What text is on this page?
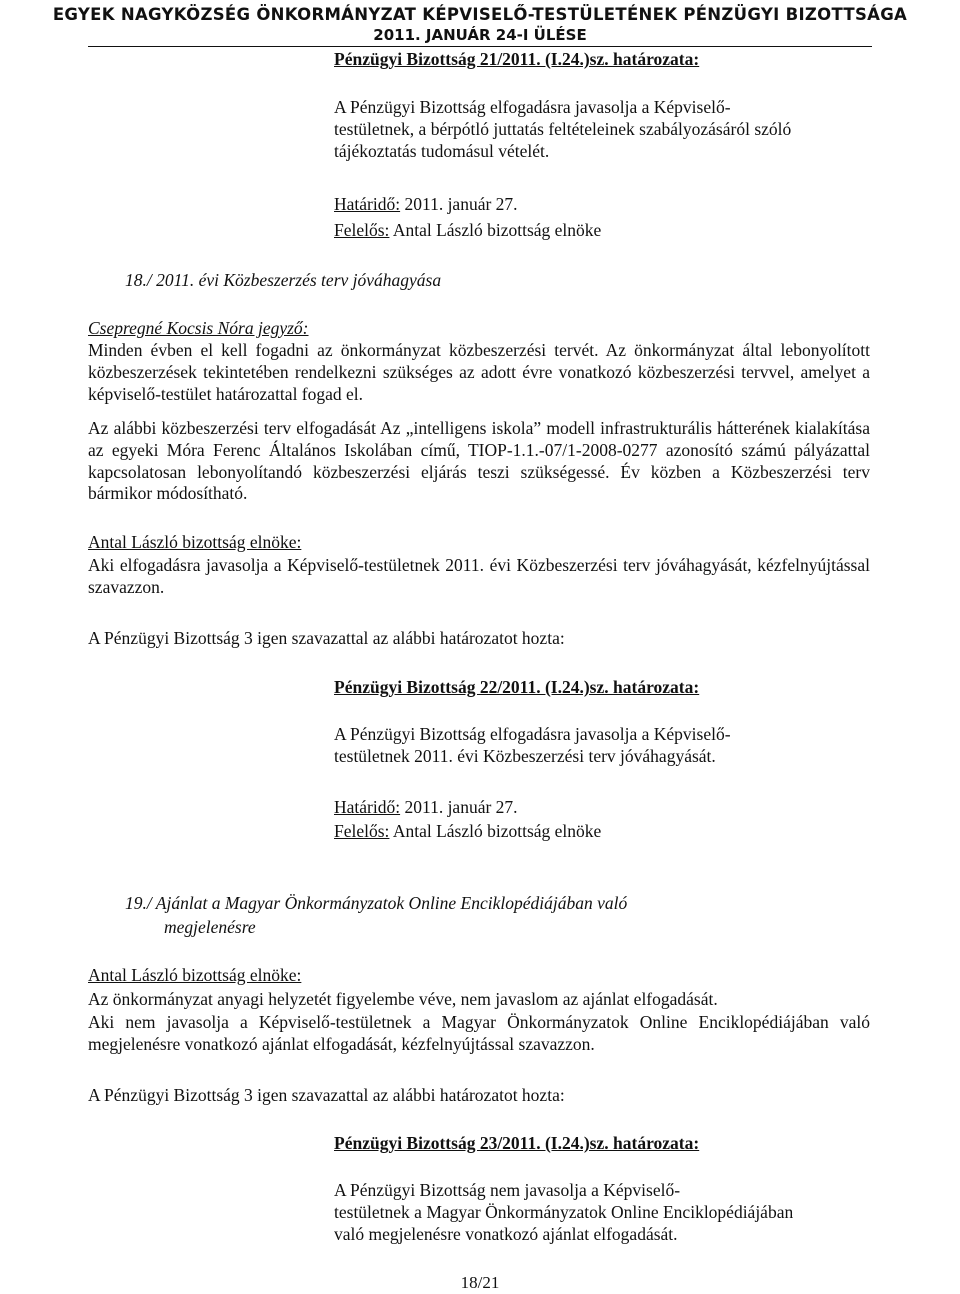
EGYEK NAGYKÖZSÉG ÖNKORMÁNYZAT KÉPVISELŐ-TESTÜLETÉNEK PÉNZÜGYI BIZOTTSÁGA
2011. JANUÁR 24-I ÜLÉSE
Pénzügyi Bizottság 21/2011. (I.24.)sz. határozata:
A Pénzügyi Bizottság elfogadásra javasolja a Képviselő-
testületnek, a bérpótló juttatás feltételeinek szabályozásáról szóló
tájékoztatás tudomásul vételét.
Határidő: 2011. január 27.
Felelős: Antal László bizottság elnöke
18./ 2011. évi Közbeszerzés terv jóváhagyása
Csepregné Kocsis Nóra jegyző:
Minden évben el kell fogadni az önkormányzat közbeszerzési tervét. Az önkormányzat által lebonyolított közbeszerzések tekintetében rendelkezni szükséges az adott évre vonatkozó közbeszerzési tervvel, amelyet a képviselő-testület határozattal fogad el.
Az alábbi közbeszerzési terv elfogadását Az „intelligens iskola” modell infrastrukturális hátterének kialakítása az egyeki Móra Ferenc Általános Iskolában című, TIOP-1.1.-07/1-2008-0277 azonosító számú pályázattal kapcsolatosan lebonyolítandó közbeszerzési eljárás teszi szükségessé. Év közben a Közbeszerzési terv bármikor módosítható.
Antal László bizottság elnöke:
Aki elfogadásra javasolja a Képviselő-testületnek 2011. évi Közbeszerzési terv jóváhagyását, kézfelnyújtással szavazzon.
A Pénzügyi Bizottság 3 igen szavazattal az alábbi határozatot hozta:
Pénzügyi Bizottság 22/2011. (I.24.)sz. határozata:
A Pénzügyi Bizottság elfogadásra javasolja a Képviselő-
testületnek 2011. évi Közbeszerzési terv jóváhagyását.
Határidő: 2011. január 27.
Felelős: Antal László bizottság elnöke
19./ Ajánlat a Magyar Önkormányzatok Online Enciklopédiájában való
megjelenésre
Antal László bizottság elnöke:
Az önkormányzat anyagi helyzetét figyelembe véve, nem javaslom az ajánlat elfogadását.
Aki nem javasolja a Képviselő-testületnek a Magyar Önkormányzatok Online Enciklopédiájában való megjelenésre vonatkozó ajánlat elfogadását, kézfelnyújtással szavazzon.
A Pénzügyi Bizottság 3 igen szavazattal az alábbi határozatot hozta:
Pénzügyi Bizottság 23/2011. (I.24.)sz. határozata:
A Pénzügyi Bizottság nem javasolja a Képviselő-
testületnek a Magyar Önkormányzatok Online Enciklopédiájában
való megjelenésre vonatkozó ajánlat elfogadását.
18/21
